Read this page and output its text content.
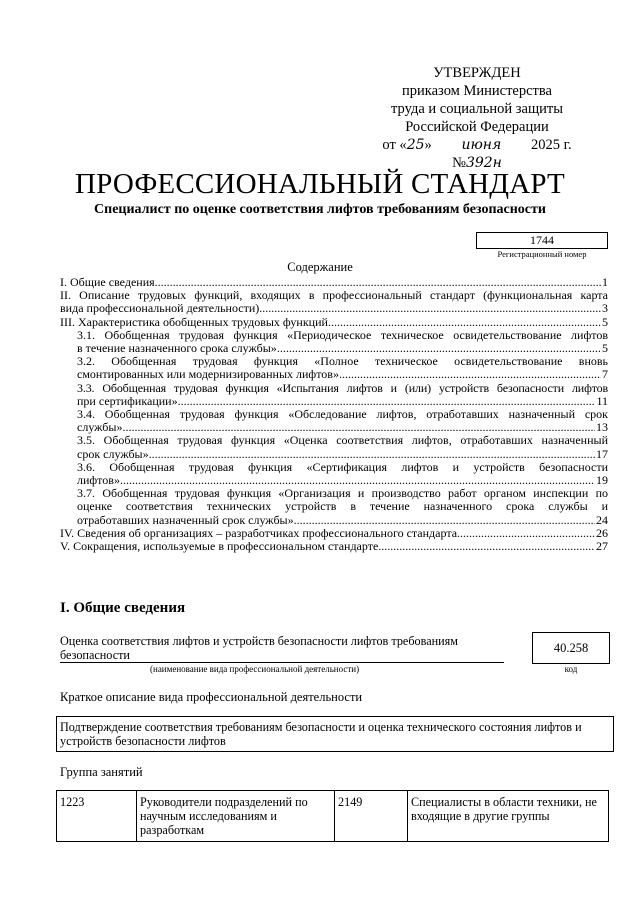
УТВЕРЖДЕН
приказом Министерства
труда и социальной защиты
Российской Федерации
от «25» июня 2025 г. №392н
ПРОФЕССИОНАЛЬНЫЙ СТАНДАРТ
Специалист по оценке соответствия лифтов требованиям безопасности
1744
Регистрационный номер
Содержание
I. Общие сведения .....	1
II. Описание трудовых функций, входящих в профессиональный стандарт (функциональная карта
вида профессиональной деятельности) .....	3
III. Характеристика обобщенных трудовых функций .....	5
3.1. Обобщенная трудовая функция «Периодическое техническое освидетельствование лифтов
в течение назначенного срока службы» .....	5
3.2. Обобщенная трудовая функция «Полное техническое освидетельствование вновь
смонтированных или модернизированных лифтов» .....	7
3.3. Обобщенная трудовая функция «Испытания лифтов и (или) устройств безопасности лифтов
при сертификации» .....	11
3.4. Обобщенная трудовая функция «Обследование лифтов, отработавших назначенный срок
службы» .....	13
3.5. Обобщенная трудовая функция «Оценка соответствия лифтов, отработавших назначенный
срок службы» .....	17
3.6. Обобщенная трудовая функция «Сертификация лифтов и устройств безопасности
лифтов» .....	19
3.7. Обобщенная трудовая функция «Организация и производство работ органом инспекции по
оценке соответствия технических устройств в течение назначенного срока службы и
отработавших назначенный срок службы» .....	24
IV. Сведения об организациях – разработчиках профессионального стандарта .....	26
V. Сокращения, используемые в профессиональном стандарте .....	27
I. Общие сведения
Оценка соответствия лифтов и устройств безопасности лифтов требованиям безопасности
(наименование вида профессиональной деятельности)
40.258
код
Краткое описание вида профессиональной деятельности
Подтверждение соответствия требованиям безопасности и оценка технического состояния лифтов и устройств безопасности лифтов
Группа занятий
1223	Руководители подразделений по научным исследованиям и разработкам	2149	Специалисты в области техники, не входящие в другие группы
